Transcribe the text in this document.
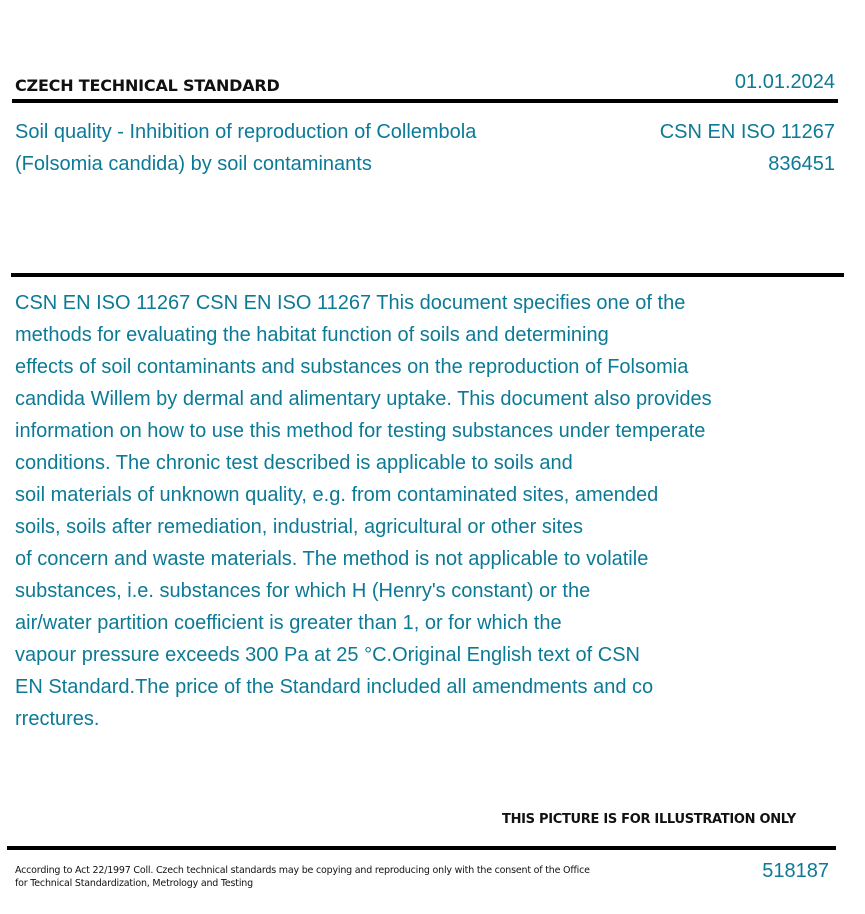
CZECH TECHNICAL STANDARD	01.01.2024
Soil quality - Inhibition of reproduction of Collembola
(Folsomia candida) by soil contaminants
CSN EN ISO 11267
836451
CSN EN ISO 11267 CSN EN ISO 11267 This document specifies one of the
methods for evaluating the habitat function of soils and determining
effects of soil contaminants and substances on the reproduction of Folsomia
candida Willem by dermal and alimentary uptake. This document also provides
information on how to use this method for testing substances under temperate
conditions. The chronic test described is applicable to soils and
soil materials of unknown quality, e.g. from contaminated sites, amended
soils, soils after remediation, industrial, agricultural or other sites
of concern and waste materials. The method is not applicable to volatile
substances, i.e. substances for which H (Henry's constant) or the
air/water partition coefficient is greater than 1, or for which the
vapour pressure exceeds 300 Pa at 25 °C.Original English text of CSN
EN Standard.The price of the Standard included all amendments and co
rrectures.
THIS PICTURE IS FOR ILLUSTRATION ONLY
According to Act 22/1997 Coll. Czech technical standards may be copying and reproducing only with the consent of the Office
for Technical Standardization, Metrology and Testing
518187
